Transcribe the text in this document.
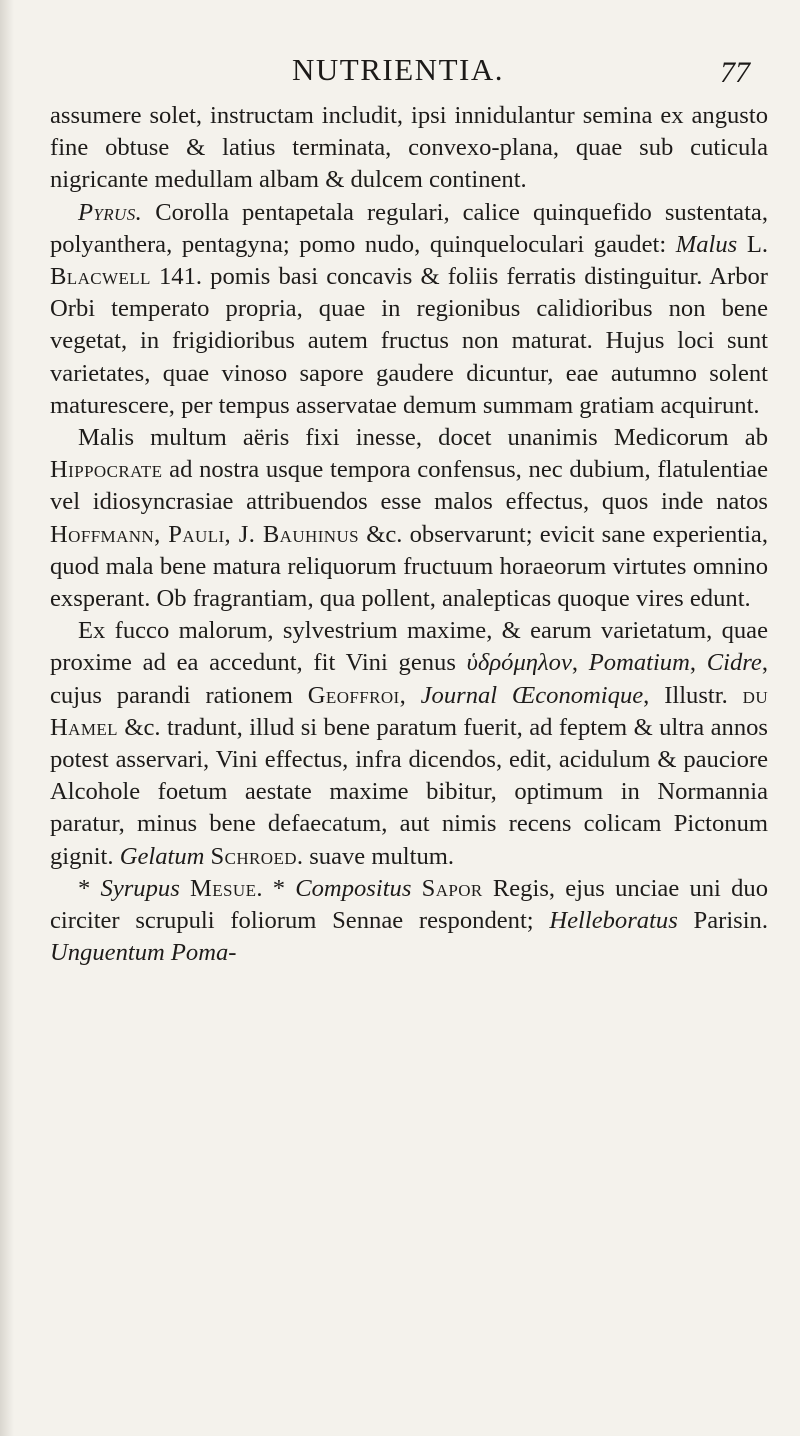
NUTRIENTIA.	77

assumere solet, instructam includit, ipsi innidulantur semina ex angusto fine obtuse & latius terminata, convexo-plana, quae sub cuticula nigricante medullam albam & dulcem continent.

Pyrus. Corolla pentapetala regulari, calice quinquefido sustentata, polyanthera, pentagyna; pomo nudo, quinqueloculari gaudet: Malus L. Blacwell 141. pomis basi concavis & foliis ferratis distinguitur. Arbor Orbi temperato propria, quae in regionibus calidioribus non bene vegetat, in frigidioribus autem fructus non maturat. Hujus loci sunt varietates, quae vinoso sapore gaudere dicuntur, eae autumno solent maturescere, per tempus asservatae demum summam gratiam acquirunt.

Malis multum aëris fixi inesse, docet unanimis Medicorum ab Hippocrate ad nostra usque tempora confensus, nec dubium, flatulentiae vel idiosyncrasiae attribuendos esse malos effectus, quos inde natos Hoffmann, Pauli, J. Bauhinus &c. observarunt; evicit sane experientia, quod mala bene matura reliquorum fructuum horaeorum virtutes omnino exsperant. Ob fragrantiam, qua pollent, analepticas quoque vires edunt.

Ex fucco malorum, sylvestrium maxime, & earum varietatum, quae proxime ad ea accedunt, fit Vini genus ὑδρόμηλον, Pomatium, Cidre, cujus parandi rationem Geoffroi, Journal Œconomique, Illustr. du Hamel &c. tradunt, illud si bene paratum fuerit, ad feptem & ultra annos potest asservari, Vini effectus, infra dicendos, edit, acidulum & pauciore Alcohole foetum aestate maxime bibitur, optimum in Normannia paratur, minus bene defaecatum, aut nimis recens colicam Pictonum gignit. Gelatum Schroed. suave multum.

* Syrupus Mesue. * Compositus Sapor Regis, ejus unciae uni duo circiter scrupuli foliorum Sennae respondent; Helleboratus Parisin. Unguentum Poma-
